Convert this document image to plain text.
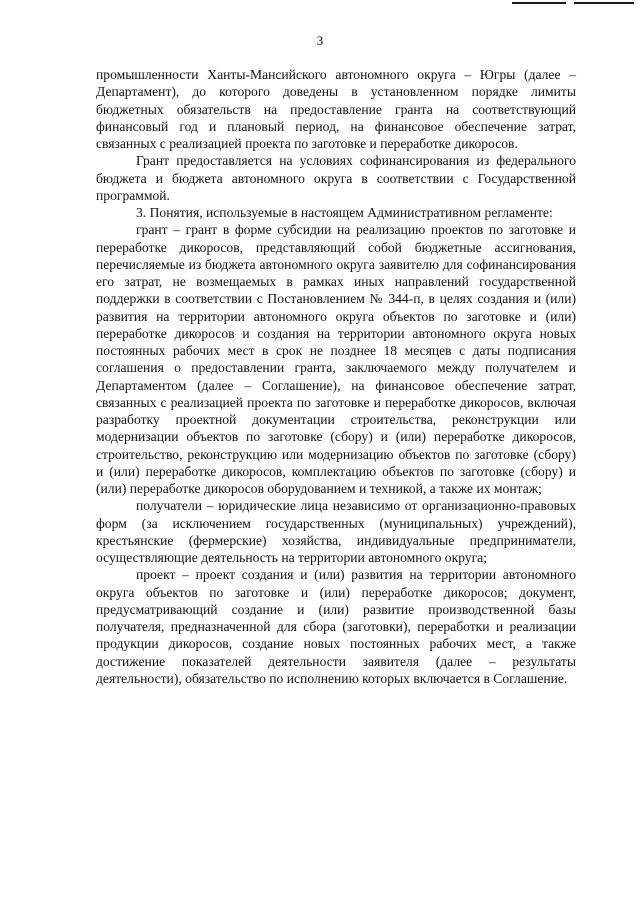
3

промышленности Ханты-Мансийского автономного округа – Югры (далее – Департамент), до которого доведены в установленном порядке лимиты бюджетных обязательств на предоставление гранта на соответствующий финансовый год и плановый период, на финансовое обеспечение затрат, связанных с реализацией проекта по заготовке и переработке дикоросов.

Грант предоставляется на условиях софинансирования из федерального бюджета и бюджета автономного округа в соответствии с Государственной программой.

3. Понятия, используемые в настоящем Административном регламенте:

грант – грант в форме субсидии на реализацию проектов по заготовке и переработке дикоросов, представляющий собой бюджетные ассигнования, перечисляемые из бюджета автономного округа заявителю для софинансирования его затрат, не возмещаемых в рамках иных направлений государственной поддержки в соответствии с Постановлением № 344-п, в целях создания и (или) развития на территории автономного округа объектов по заготовке и (или) переработке дикоросов и создания на территории автономного округа новых постоянных рабочих мест в срок не позднее 18 месяцев с даты подписания соглашения о предоставлении гранта, заключаемого между получателем и Департаментом (далее – Соглашение), на финансовое обеспечение затрат, связанных с реализацией проекта по заготовке и переработке дикоросов, включая разработку проектной документации строительства, реконструкции или модернизации объектов по заготовке (сбору) и (или) переработке дикоросов, строительство, реконструкцию или модернизацию объектов по заготовке (сбору) и (или) переработке дикоросов, комплектацию объектов по заготовке (сбору) и (или) переработке дикоросов оборудованием и техникой, а также их монтаж;

получатели – юридические лица независимо от организационно-правовых форм (за исключением государственных (муниципальных) учреждений), крестьянские (фермерские) хозяйства, индивидуальные предприниматели, осуществляющие деятельность на территории автономного округа;

проект – проект создания и (или) развития на территории автономного округа объектов по заготовке и (или) переработке дикоросов; документ, предусматривающий создание и (или) развитие производственной базы получателя, предназначенной для сбора (заготовки), переработки и реализации продукции дикоросов, создание новых постоянных рабочих мест, а также достижение показателей деятельности заявителя (далее – результаты деятельности), обязательство по исполнению которых включается в Соглашение.
